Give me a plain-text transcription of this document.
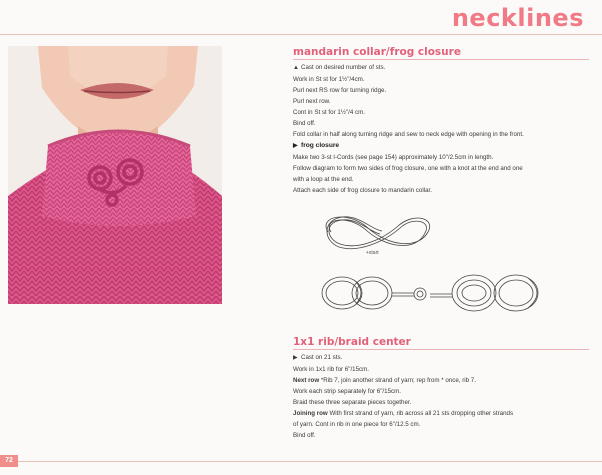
necklines
mandarin collar/frog closure
▲ Cast on desired number of sts.
Work in St st for 1½"/4cm.
Purl next RS row for turning ridge.
Purl next row.
Cont in St st for 1½"/4 cm.
Bind off.
Fold collar in half along turning ridge and sew to neck edge with opening in the front.
▶ frog closure
Make two 3-st I-Cords (see page 154) approximately 10"/2.5cm in length.
Follow diagram to form two sides of frog closure, one with a knot at the end and one
with a loop at the end.
Attach each side of frog closure to mandarin collar.
+start
1x1 rib/braid center
▶ Cast on 21 sts.
Work in 1x1 rib for 6"/15cm.
Next row *Rib 7, join another strand of yarn; rep from * once, rib 7.
Work each strip separately for 6"/15cm.
Braid these three separate pieces together.
Joining row With first strand of yarn, rib across all 21 sts dropping other strands
of yarn. Cont in rib in one piece for 6"/12.5 cm.
Bind off.
72
